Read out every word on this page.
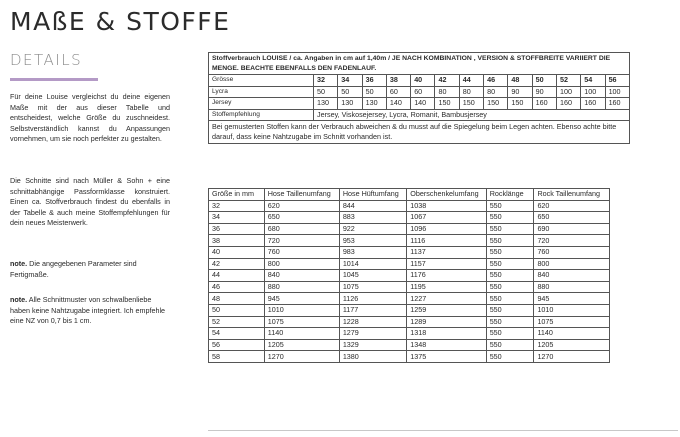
MAßE & STOFFE
DETAILS

Für deine Louise vergleichst du deine eigenen Maße mit der aus dieser Tabelle und entscheidest, welche Größe du zuschneidest. Selbstverständlich kannst du Anpassungen vornehmen, um sie noch perfekter zu gestalten.

Die Schnitte sind nach Müller & Sohn + eine schnittabhängige Passformklasse konstruiert. Einen ca. Stoffverbrauch findest du ebenfalls in der Tabelle & auch meine Stoffempfehlungen für dein neues Meisterwerk.

note. Die angegebenen Parameter sind Fertigmaße.

note. Alle Schnittmuster von schwalbenliebe haben keine Nahtzugabe integriert. Ich empfehle eine NZ von 0,7 bis 1 cm.

Stoffverbrauch LOUISE / ca. Angaben in cm auf 1,40m / JE NACH KOMBINATION , VERSION & STOFFBREITE VARIIERT DIE MENGE. BEACHTE EBENFALLS DEN FADENLAUF.													
Grösse	32	34	36	38	40	42	44	46	48	50	52	54	56
Lycra	50	50	50	60	60	80	80	80	90	90	100	100	100
Jersey	130	130	130	140	140	150	150	150	150	160	160	160	160
Stoffempfehlung	Jersey, Viskosejersey, Lycra, Romanit, Bambusjersey												
Bei gemusterten Stoffen kann der Verbrauch abweichen & du musst auf die Spiegelung beim Legen achten. Ebenso achte bitte darauf, dass keine Nahtzugabe im Schnitt vorhanden ist.													
Größe in mm	Hose Taillenumfang	Hose Hüftumfang	Oberschenkelumfang	Rocklänge	Rock Taillenumfang
32	620	844	1038	550	620
34	650	883	1067	550	650
36	680	922	1096	550	690
38	720	953	1116	550	720
40	760	983	1137	550	760
42	800	1014	1157	550	800
44	840	1045	1176	550	840
46	880	1075	1195	550	880
48	945	1126	1227	550	945
50	1010	1177	1259	550	1010
52	1075	1228	1289	550	1075
54	1140	1279	1318	550	1140
56	1205	1329	1348	550	1205
58	1270	1380	1375	550	1270
